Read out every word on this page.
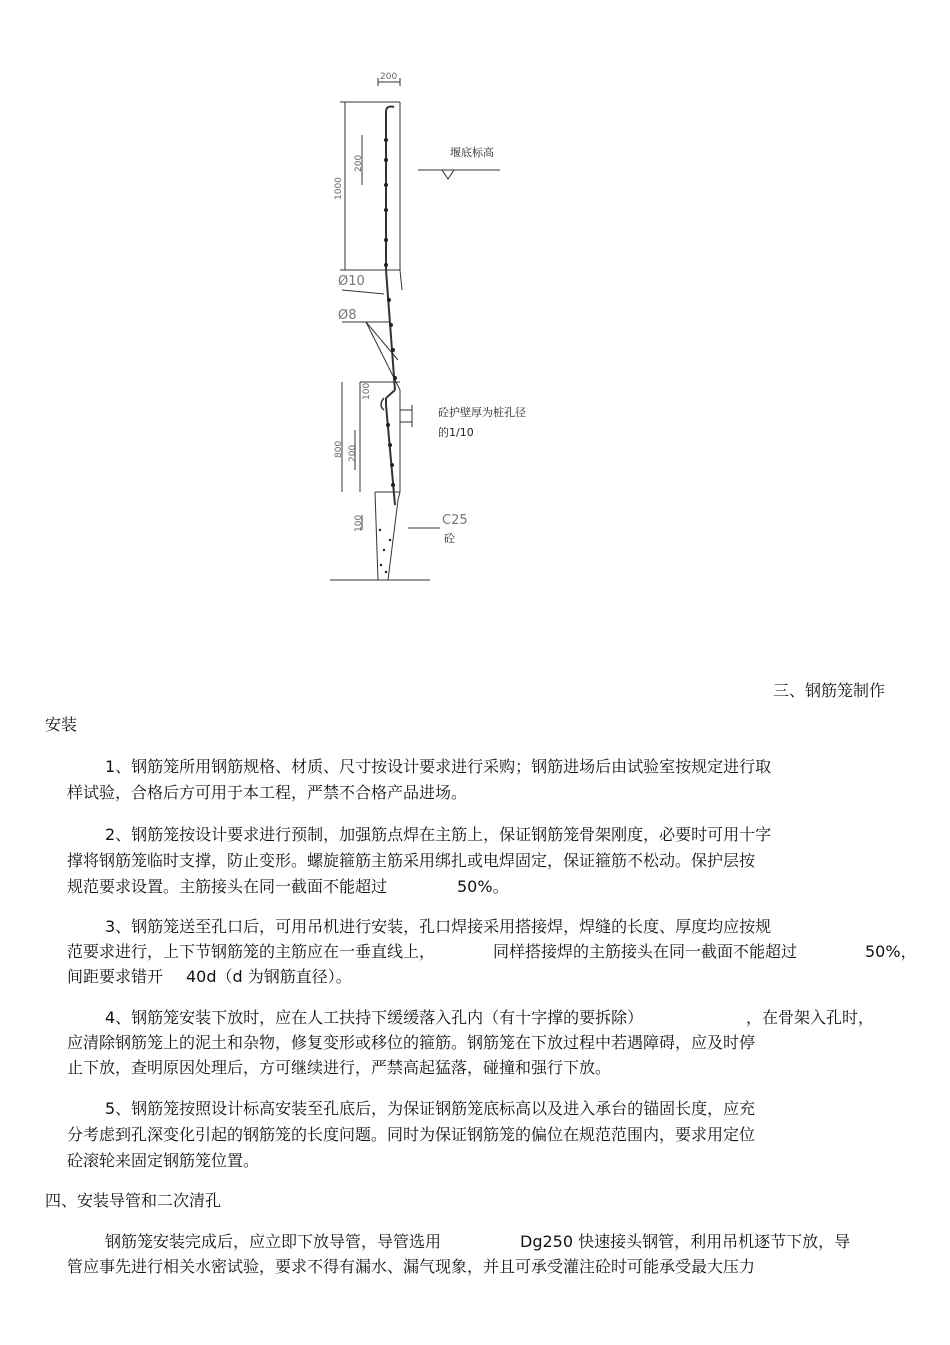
200
1000
200
堰底标高
Ø10
Ø8
100
800 200
砼护壁厚为桩孔径
的1/10
100	C25
砼
三、钢筋笼制作
安装
1、钢筋笼所用钢筋规格、材质、尺寸按设计要求进行采购；钢筋进场后由试验室按规定进行取
样试验，合格后方可用于本工程，严禁不合格产品进场。
2、钢筋笼按设计要求进行预制，加强筋点焊在主筋上，保证钢筋笼骨架刚度，必要时可用十字
撑将钢筋笼临时支撑，防止变形。螺旋箍筋主筋采用绑扎或电焊固定，保证箍筋不松动。保护层按
规范要求设置。主筋接头在同一截面不能超过	50%。
3、钢筋笼送至孔口后，可用吊机进行安装，孔口焊接采用搭接焊，焊缝的长度、厚度均应按规
范要求进行，上下节钢筋笼的主筋应在一垂直线上，	同样搭接焊的主筋接头在同一截面不能超过	50%，
间距要求错开 40d（d 为钢筋直径）。
4、钢筋笼安装下放时，应在人工扶持下缓缓落入孔内（有十字撑的要拆除）	，在骨架入孔时，
应清除钢筋笼上的泥土和杂物，修复变形或移位的箍筋。钢筋笼在下放过程中若遇障碍，应及时停
止下放，查明原因处理后，方可继续进行，严禁高起猛落，碰撞和强行下放。
5、钢筋笼按照设计标高安装至孔底后，为保证钢筋笼底标高以及进入承台的锚固长度，应充
分考虑到孔深变化引起的钢筋笼的长度问题。同时为保证钢筋笼的偏位在规范范围内，要求用定位
砼滚轮来固定钢筋笼位置。
四、安装导管和二次清孔
钢筋笼安装完成后，应立即下放导管，导管选用	Dg250 快速接头钢管，利用吊机逐节下放，导
管应事先进行相关水密试验，要求不得有漏水、漏气现象，并且可承受灌注砼时可能承受最大压力
